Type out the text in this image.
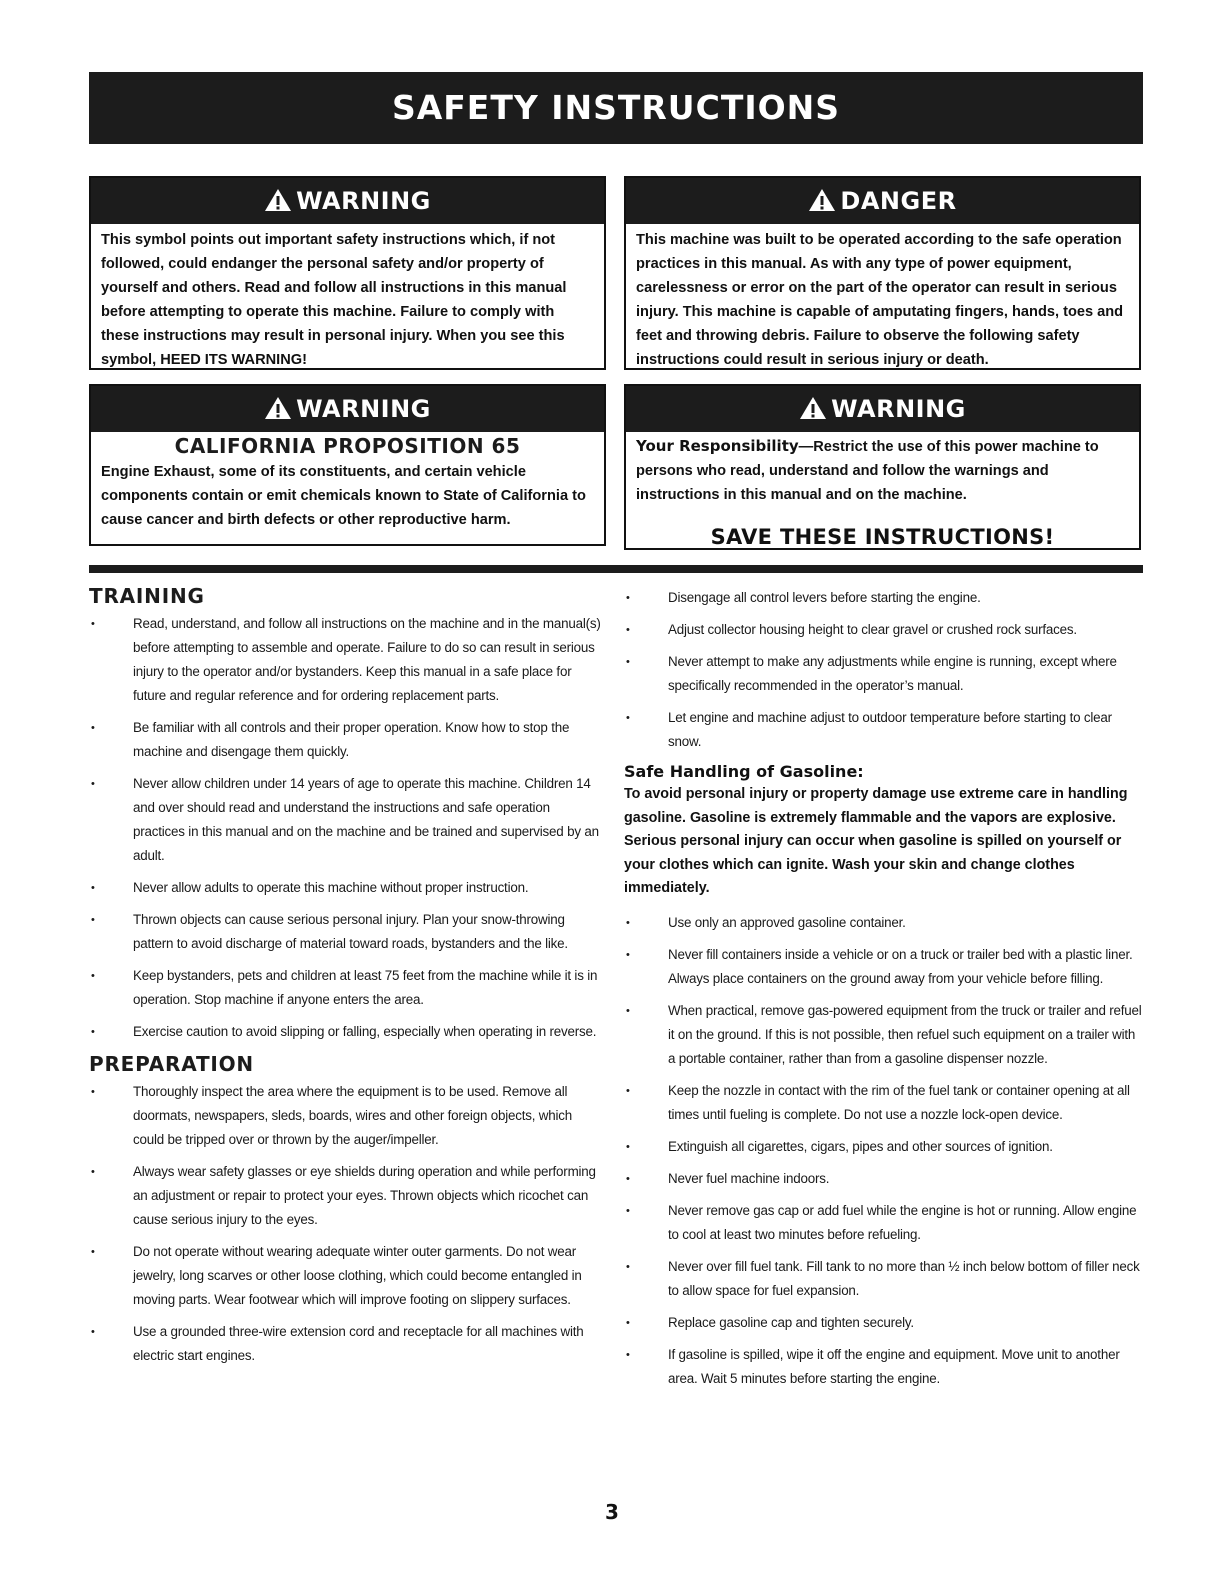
SAFETY INSTRUCTIONS
WARNING
This symbol points out important safety instructions which, if not followed, could endanger the personal safety and/or property of yourself and others. Read and follow all instructions in this manual before attempting to operate this machine. Failure to comply with these instructions may result in personal injury. When you see this symbol, HEED ITS WARNING!
DANGER
This machine was built to be operated according to the safe operation practices in this manual. As with any type of power equipment, carelessness or error on the part of the operator can result in serious injury. This machine is capable of amputating fingers, hands, toes and feet and throwing debris. Failure to observe the following safety instructions could result in serious injury or death.
WARNING
CALIFORNIA PROPOSITION 65
Engine Exhaust, some of its constituents, and certain vehicle components contain or emit chemicals known to State of California to cause cancer and birth defects or other reproductive harm.
WARNING
Your Responsibility—Restrict the use of this power machine to persons who read, understand and follow the warnings and instructions in this manual and on the machine.
SAVE THESE INSTRUCTIONS!
TRAINING
• Read, understand, and follow all instructions on the machine and in the manual(s) before attempting to assemble and operate. Failure to do so can result in serious injury to the operator and/or bystanders. Keep this manual in a safe place for future and regular reference and for ordering replacement parts.
• Be familiar with all controls and their proper operation. Know how to stop the machine and disengage them quickly.
• Never allow children under 14 years of age to operate this machine. Children 14 and over should read and understand the instructions and safe operation practices in this manual and on the machine and be trained and supervised by an adult.
• Never allow adults to operate this machine without proper instruction.
• Thrown objects can cause serious personal injury. Plan your snow-throwing pattern to avoid discharge of material toward roads, bystanders and the like.
• Keep bystanders, pets and children at least 75 feet from the machine while it is in operation. Stop machine if anyone enters the area.
• Exercise caution to avoid slipping or falling, especially when operating in reverse.
PREPARATION
• Thoroughly inspect the area where the equipment is to be used. Remove all doormats, newspapers, sleds, boards, wires and other foreign objects, which could be tripped over or thrown by the auger/impeller.
• Always wear safety glasses or eye shields during operation and while performing an adjustment or repair to protect your eyes. Thrown objects which ricochet can cause serious injury to the eyes.
• Do not operate without wearing adequate winter outer garments. Do not wear jewelry, long scarves or other loose clothing, which could become entangled in moving parts. Wear footwear which will improve footing on slippery surfaces.
• Use a grounded three-wire extension cord and receptacle for all machines with electric start engines.
• Disengage all control levers before starting the engine.
• Adjust collector housing height to clear gravel or crushed rock surfaces.
• Never attempt to make any adjustments while engine is running, except where specifically recommended in the operator’s manual.
• Let engine and machine adjust to outdoor temperature before starting to clear snow.
Safe Handling of Gasoline:
To avoid personal injury or property damage use extreme care in handling gasoline. Gasoline is extremely flammable and the vapors are explosive. Serious personal injury can occur when gasoline is spilled on yourself or your clothes which can ignite. Wash your skin and change clothes immediately.
• Use only an approved gasoline container.
• Never fill containers inside a vehicle or on a truck or trailer bed with a plastic liner. Always place containers on the ground away from your vehicle before filling.
• When practical, remove gas-powered equipment from the truck or trailer and refuel it on the ground. If this is not possible, then refuel such equipment on a trailer with a portable container, rather than from a gasoline dispenser nozzle.
• Keep the nozzle in contact with the rim of the fuel tank or container opening at all times until fueling is complete. Do not use a nozzle lock-open device.
• Extinguish all cigarettes, cigars, pipes and other sources of ignition.
• Never fuel machine indoors.
• Never remove gas cap or add fuel while the engine is hot or running. Allow engine to cool at least two minutes before refueling.
• Never over fill fuel tank. Fill tank to no more than ½ inch below bottom of filler neck to allow space for fuel expansion.
• Replace gasoline cap and tighten securely.
• If gasoline is spilled, wipe it off the engine and equipment. Move unit to another area. Wait 5 minutes before starting the engine.
3
